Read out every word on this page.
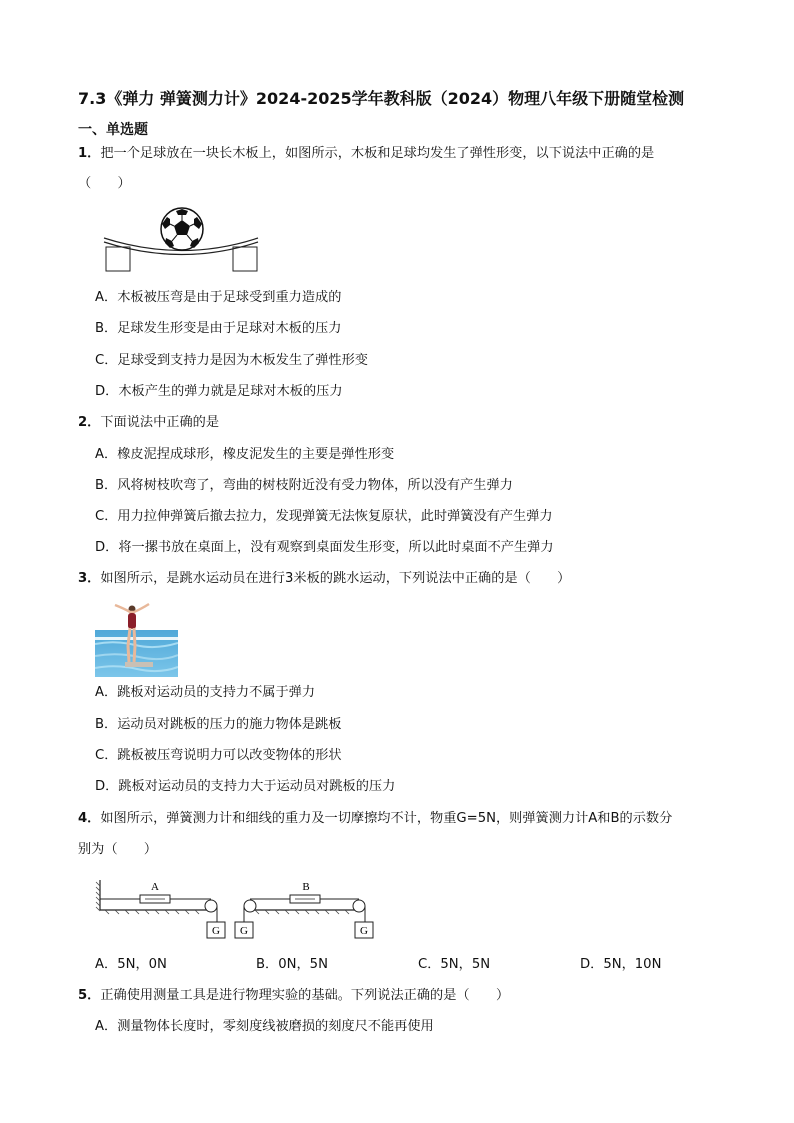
7.3《弹力 弹簧测力计》2024-2025学年教科版（2024）物理八年级下册随堂检测
一、单选题
1．把一个足球放在一块长木板上，如图所示，木板和足球均发生了弹性形变，以下说法中正确的是
（　　）
A．木板被压弯是由于足球受到重力造成的
B．足球发生形变是由于足球对木板的压力
C．足球受到支持力是因为木板发生了弹性形变
D．木板产生的弹力就是足球对木板的压力
2．下面说法中正确的是
A．橡皮泥捏成球形，橡皮泥发生的主要是弹性形变
B．风将树枝吹弯了，弯曲的树枝附近没有受力物体，所以没有产生弹力
C．用力拉伸弹簧后撤去拉力，发现弹簧无法恢复原状，此时弹簧没有产生弹力
D．将一摞书放在桌面上，没有观察到桌面发生形变，所以此时桌面不产生弹力
3．如图所示，是跳水运动员在进行3米板的跳水运动，下列说法中正确的是（　　）
A．跳板对运动员的支持力不属于弹力
B．运动员对跳板的压力的施力物体是跳板
C．跳板被压弯说明力可以改变物体的形状
D．跳板对运动员的支持力大于运动员对跳板的压力
4．如图所示，弹簧测力计和细线的重力及一切摩擦均不计，物重G=5N，则弹簧测力计A和B的示数分
别为（　　）
G
A
G	G
B
A．5N，0N	B．0N，5N	C．5N，5N	D．5N，10N
5．正确使用测量工具是进行物理实验的基础。下列说法正确的是（　　）
A．测量物体长度时，零刻度线被磨损的刻度尺不能再使用
